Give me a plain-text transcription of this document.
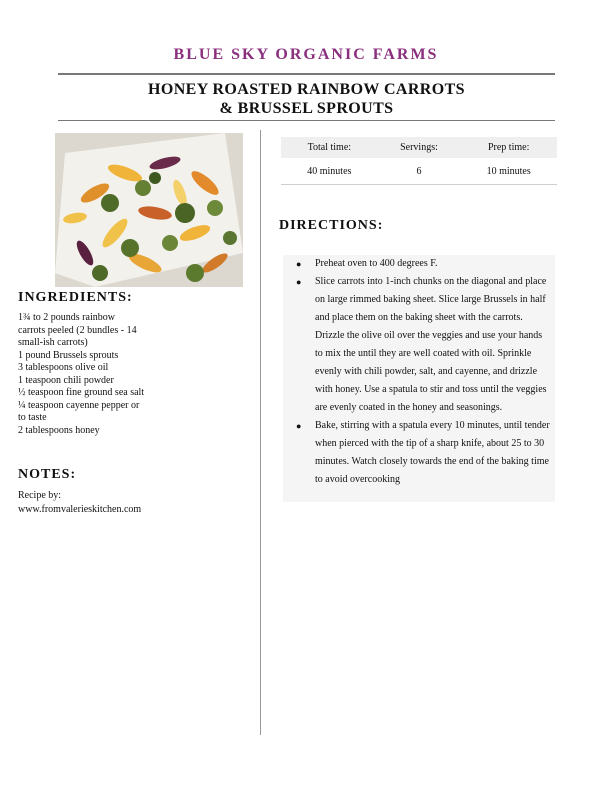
BLUE SKY ORGANIC FARMS
HONEY ROASTED RAINBOW CARROTS
& BRUSSEL SPROUTS
INGREDIENTS:
1¾ to 2 pounds rainbow
carrots peeled (2 bundles - 14
small-ish carrots)
1 pound Brussels sprouts
3 tablespoons olive oil
1 teaspoon chili powder
½ teaspoon fine ground sea salt
¼ teaspoon cayenne pepper or
to taste
2 tablespoons honey
NOTES:
Recipe by:
www.fromvalerieskitchen.com
Total time:	Servings:	Prep time:
40 minutes	6	10 minutes
DIRECTIONS:
● Preheat oven to 400 degrees F.
● Slice carrots into 1-inch chunks on the diagonal and place on large rimmed baking sheet. Slice large Brussels in half and place them on the baking sheet with the carrots. Drizzle the olive oil over the veggies and use your hands to mix the until they are well coated with oil. Sprinkle evenly with chili powder, salt, and cayenne, and drizzle with honey. Use a spatula to stir and toss until the veggies are evenly coated in the honey and seasonings.
● Bake, stirring with a spatula every 10 minutes, until tender when pierced with the tip of a sharp knife, about 25 to 30 minutes. Watch closely towards the end of the baking time to avoid overcooking
